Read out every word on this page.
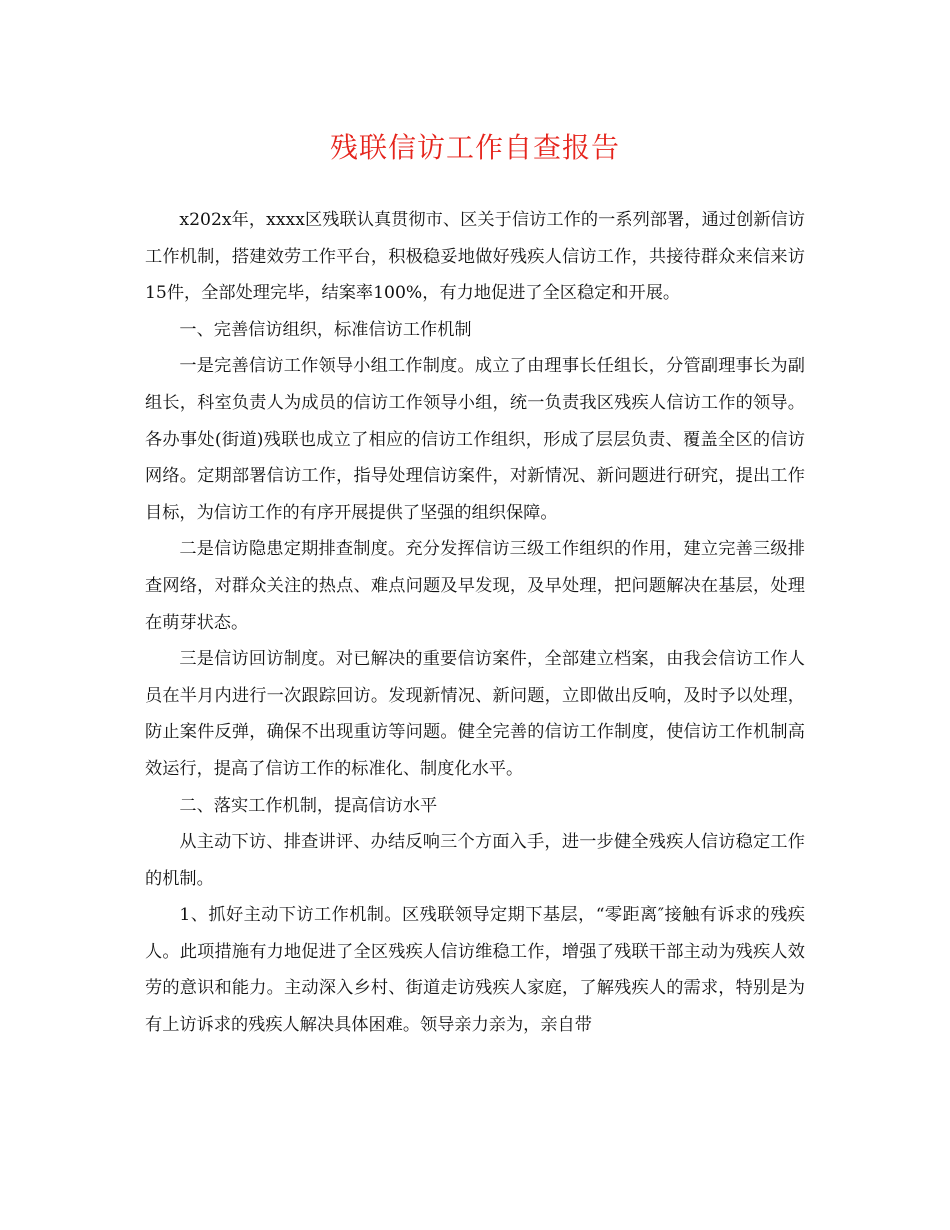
残联信访工作自查报告

x202x年，xxxx区残联认真贯彻市、区关于信访工作的一系列部署，通过创新信访工作机制，搭建效劳工作平台，积极稳妥地做好残疾人信访工作，共接待群众来信来访15件，全部处理完毕，结案率100%，有力地促进了全区稳定和开展。

一、完善信访组织，标准信访工作机制

一是完善信访工作领导小组工作制度。成立了由理事长任组长，分管副理事长为副组长，科室负责人为成员的信访工作领导小组，统一负责我区残疾人信访工作的领导。各办事处(街道)残联也成立了相应的信访工作组织，形成了层层负责、覆盖全区的信访网络。定期部署信访工作，指导处理信访案件，对新情况、新问题进行研究，提出工作目标，为信访工作的有序开展提供了坚强的组织保障。

二是信访隐患定期排查制度。充分发挥信访三级工作组织的作用，建立完善三级排查网络，对群众关注的热点、难点问题及早发现，及早处理，把问题解决在基层，处理在萌芽状态。

三是信访回访制度。对已解决的重要信访案件，全部建立档案，由我会信访工作人员在半月内进行一次跟踪回访。发现新情况、新问题，立即做出反响，及时予以处理，防止案件反弹，确保不出现重访等问题。健全完善的信访工作制度，使信访工作机制高效运行，提高了信访工作的标准化、制度化水平。

二、落实工作机制，提高信访水平

从主动下访、排查讲评、办结反响三个方面入手，进一步健全残疾人信访稳定工作的机制。

1、抓好主动下访工作机制。区残联领导定期下基层，“零距离″接触有诉求的残疾人。此项措施有力地促进了全区残疾人信访维稳工作，增强了残联干部主动为残疾人效劳的意识和能力。主动深入乡村、街道走访残疾人家庭，了解残疾人的需求，特别是为有上访诉求的残疾人解决具体困难。领导亲力亲为，亲自带
